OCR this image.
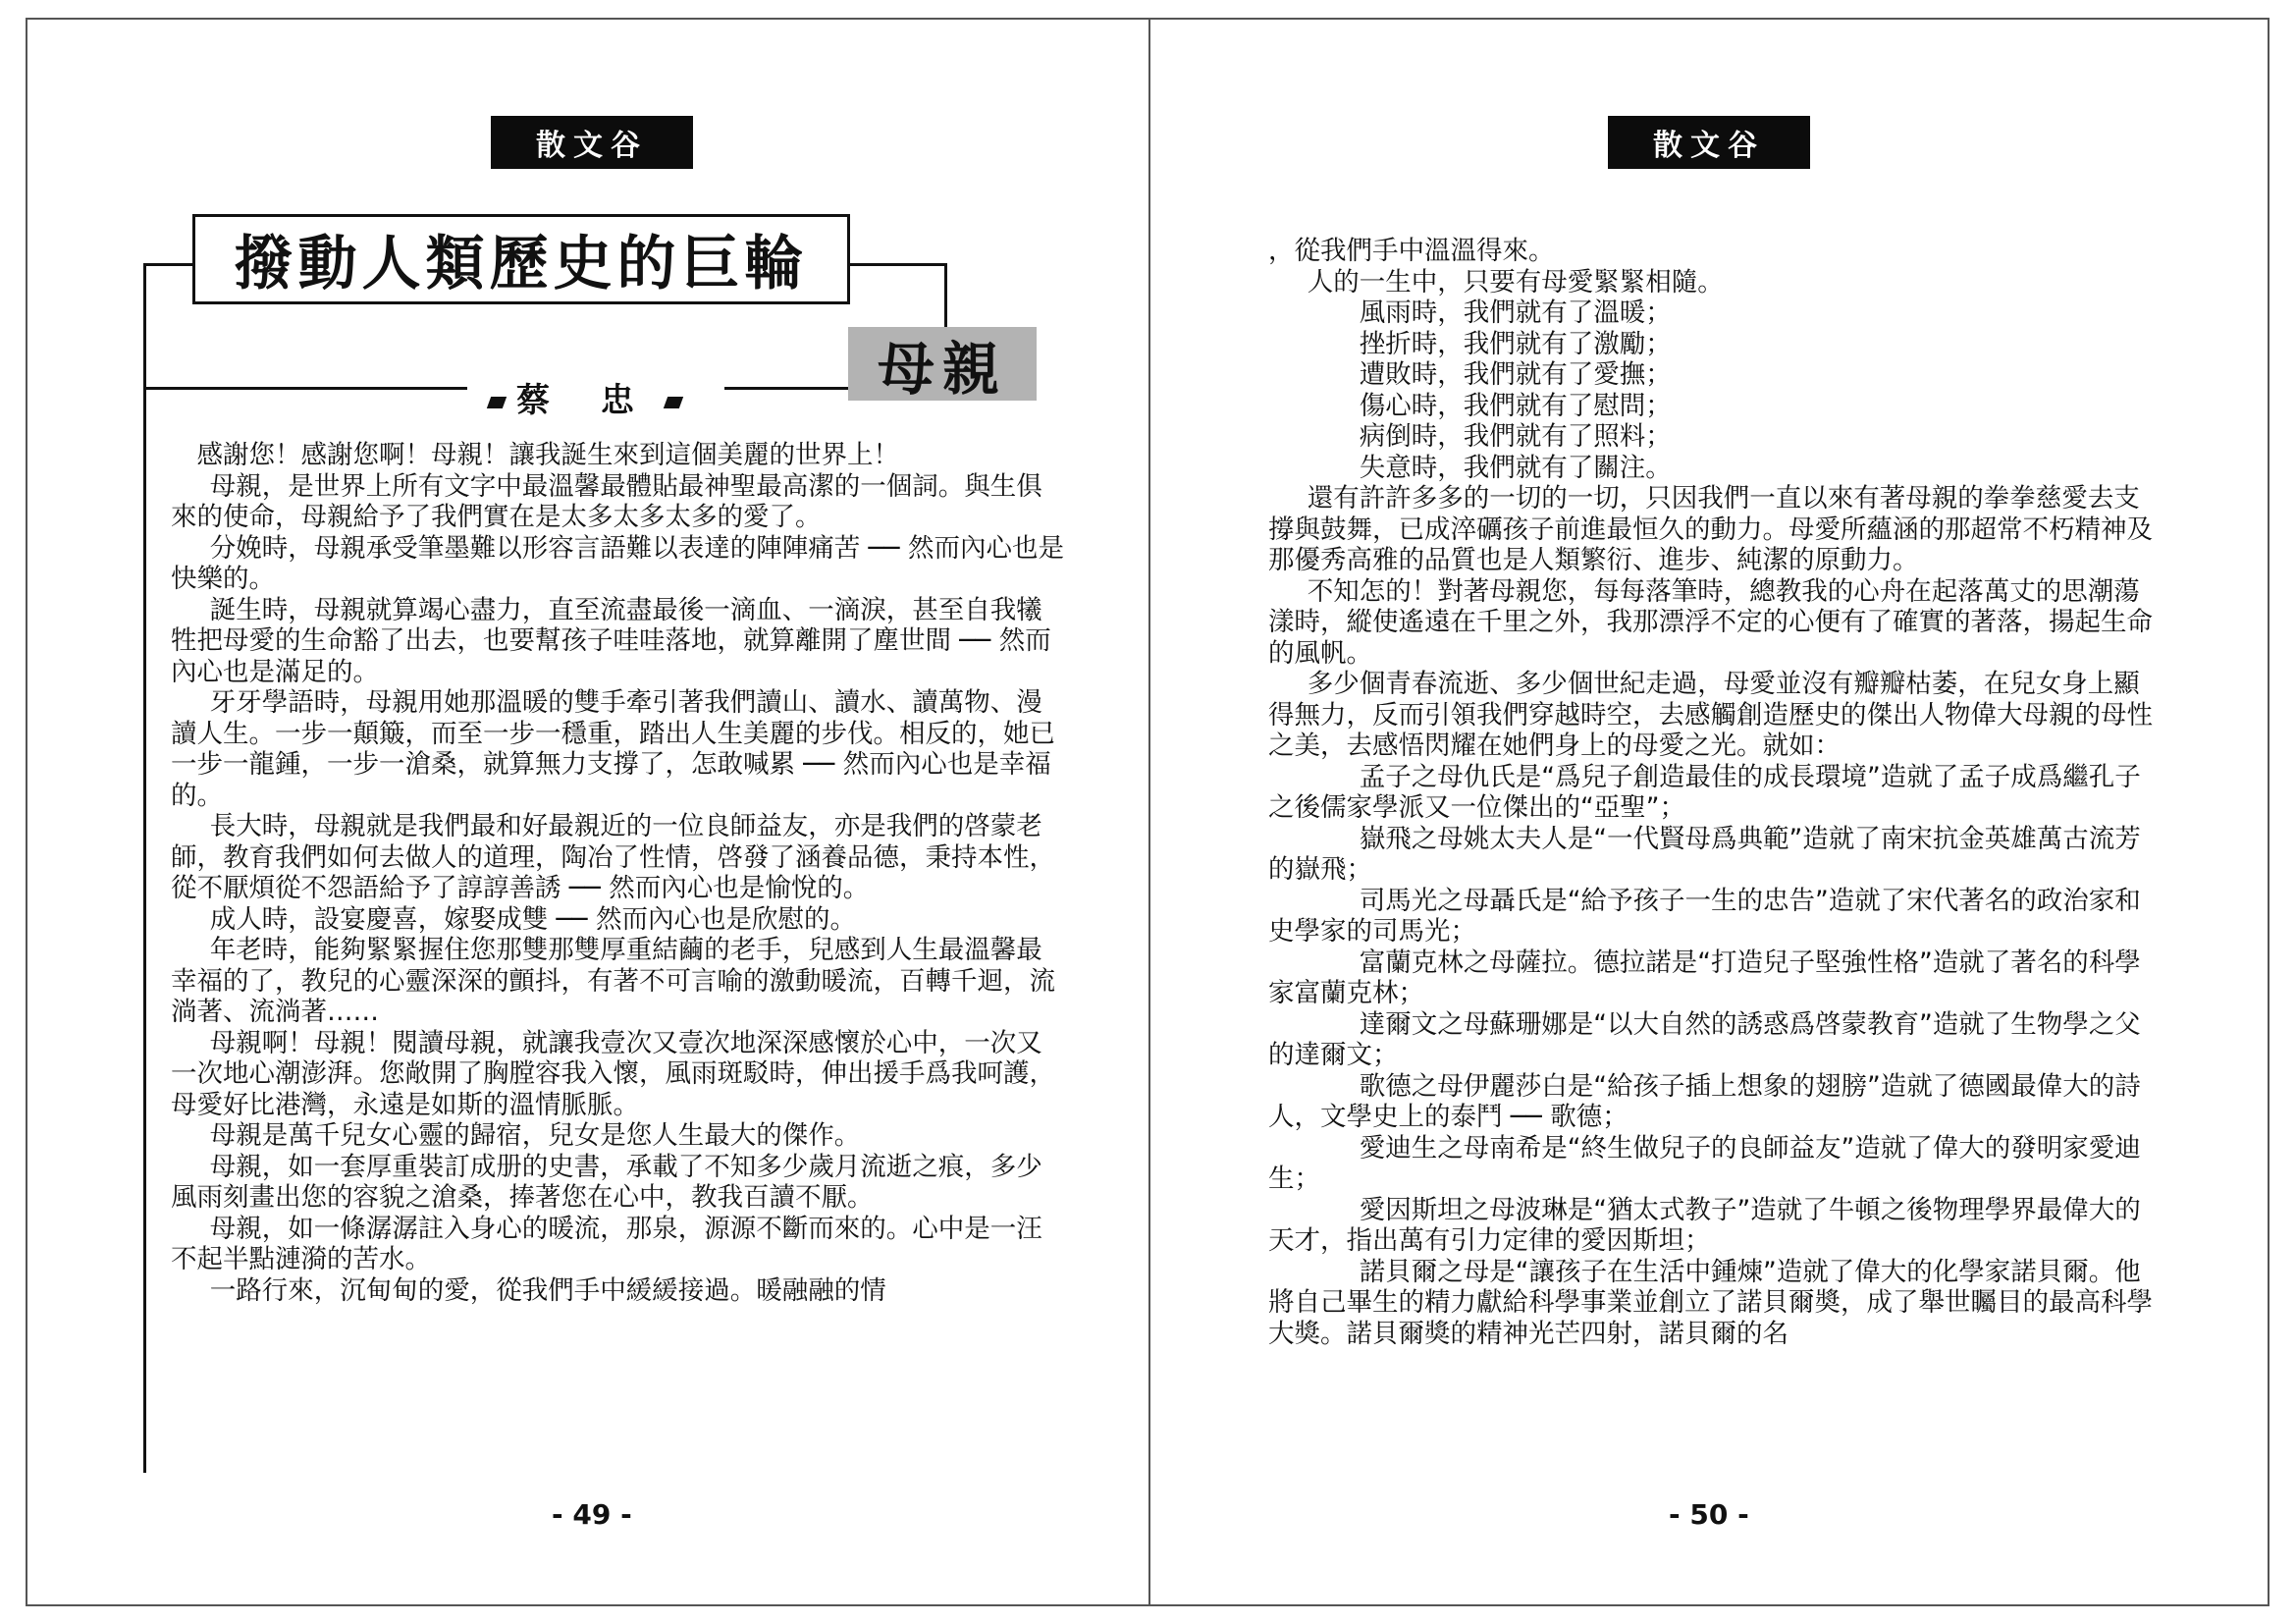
散文谷
撥動人類歷史的巨輪
母親
蔡 忠

　感謝您！感謝您啊！母親！讓我誕生來到這個美麗的世界上！

母親，是世界上所有文字中最溫馨最體貼最神聖最高潔的一個詞。與生俱來的使命，母親給予了我們實在是太多太多太多的愛了。

分娩時，母親承受筆墨難以形容言語難以表達的陣陣痛苦 ── 然而內心也是快樂的。

誕生時，母親就算竭心盡力，直至流盡最後一滴血、一滴淚，甚至自我犧牲把母愛的生命豁了出去，也要幫孩子哇哇落地，就算離開了塵世間 ── 然而內心也是滿足的。

牙牙學語時，母親用她那溫暖的雙手牽引著我們讀山、讀水、讀萬物、漫讀人生。一步一顛簸，而至一步一穩重，踏出人生美麗的步伐。相反的，她已一步一龍鍾，一步一滄桑，就算無力支撐了，怎敢喊累 ── 然而內心也是幸福的。

長大時，母親就是我們最和好最親近的一位良師益友，亦是我們的啓蒙老師，教育我們如何去做人的道理，陶冶了性情，啓發了涵養品德，秉持本性，從不厭煩從不怨語給予了諄諄善誘 ── 然而內心也是愉悅的。

成人時，設宴慶喜，嫁娶成雙 ── 然而內心也是欣慰的。

年老時，能夠緊緊握住您那雙那雙厚重結繭的老手，兒感到人生最溫馨最幸福的了，教兒的心靈深深的顫抖，有著不可言喻的激動暖流，百轉千迴，流淌著、流淌著……

母親啊！母親！閱讀母親，就讓我壹次又壹次地深深感懷於心中，一次又一次地心潮澎湃。您敞開了胸膛容我入懷，風雨斑駁時，伸出援手爲我呵護，母愛好比港灣，永遠是如斯的溫情脈脈。

母親是萬千兒女心靈的歸宿，兒女是您人生最大的傑作。

母親，如一套厚重裝訂成册的史書，承載了不知多少歲月流逝之痕，多少風雨刻畫出您的容貌之滄桑，捧著您在心中，教我百讀不厭。

母親，如一條潺潺註入身心的暖流，那泉，源源不斷而來的。心中是一汪不起半點漣漪的苦水。

一路行來，沉甸甸的愛，從我們手中緩緩接過。暖融融的情

- 49 -
散文谷

，從我們手中溫溫得來。

人的一生中，只要有母愛緊緊相隨。

風雨時，我們就有了溫暖；

挫折時，我們就有了激勵；

遭敗時，我們就有了愛撫；

傷心時，我們就有了慰問；

病倒時，我們就有了照料；

失意時，我們就有了關注。

還有許許多多的一切的一切，只因我們一直以來有著母親的拳拳慈愛去支撐與鼓舞，已成淬礪孩子前進最恒久的動力。母愛所蘊涵的那超常不朽精神及那優秀高雅的品質也是人類繁衍、進步、純潔的原動力。

不知怎的！對著母親您，每每落筆時，總教我的心舟在起落萬丈的思潮蕩漾時，縱使遙遠在千里之外，我那漂浮不定的心便有了確實的著落，揚起生命的風帆。

多少個青春流逝、多少個世紀走過，母愛並沒有瓣瓣枯萎，在兒女身上顯得無力，反而引領我們穿越時空，去感觸創造歷史的傑出人物偉大母親的母性之美，去感悟閃耀在她們身上的母愛之光。就如：

孟子之母仇氏是“爲兒子創造最佳的成長環境”造就了孟子成爲繼孔子之後儒家學派又一位傑出的“亞聖”；

嶽飛之母姚太夫人是“一代賢母爲典範”造就了南宋抗金英雄萬古流芳的嶽飛；

司馬光之母聶氏是“給予孩子一生的忠告”造就了宋代著名的政治家和史學家的司馬光；

富蘭克林之母薩拉。德拉諾是“打造兒子堅強性格”造就了著名的科學家富蘭克林；

達爾文之母蘇珊娜是“以大自然的誘惑爲啓蒙教育”造就了生物學之父的達爾文；

歌德之母伊麗莎白是“給孩子插上想象的翅膀”造就了德國最偉大的詩人，文學史上的泰鬥 ── 歌德；

愛迪生之母南希是“終生做兒子的良師益友”造就了偉大的發明家愛迪生；

愛因斯坦之母波琳是“猶太式教子”造就了牛頓之後物理學界最偉大的天才，指出萬有引力定律的愛因斯坦；

諾貝爾之母是“讓孩子在生活中鍾煉”造就了偉大的化學家諾貝爾。他將自己畢生的精力獻給科學事業並創立了諾貝爾奬，成了舉世矚目的最高科學大獎。諾貝爾獎的精神光芒四射，諾貝爾的名

- 50 -
